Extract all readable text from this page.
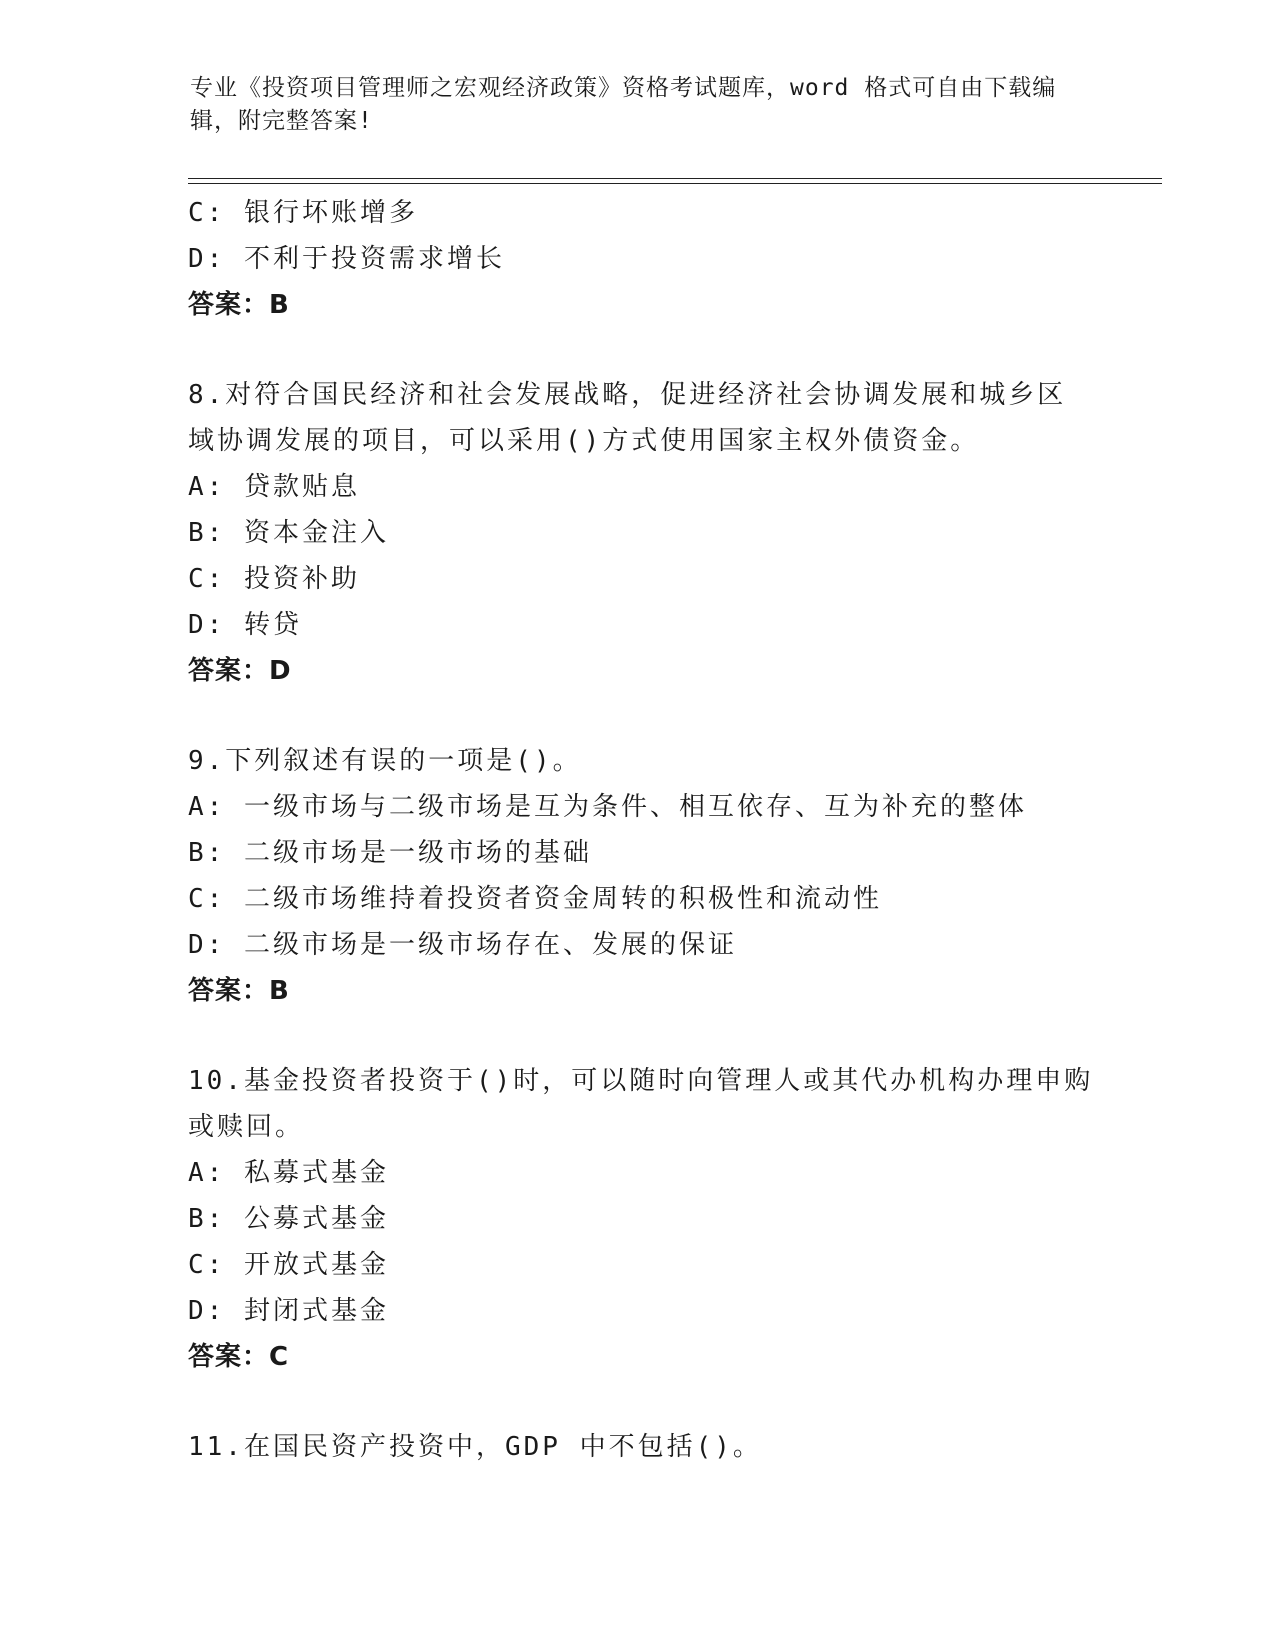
专业《投资项目管理师之宏观经济政策》资格考试题库，word 格式可自由下载编
辑，附完整答案!
C: 银行坏账增多
D: 不利于投资需求增长
答案：B
8.对符合国民经济和社会发展战略，促进经济社会协调发展和城乡区
域协调发展的项目，可以采用()方式使用国家主权外债资金。
A: 贷款贴息
B: 资本金注入
C: 投资补助
D: 转贷
答案：D
9.下列叙述有误的一项是()。
A: 一级市场与二级市场是互为条件、相互依存、互为补充的整体
B: 二级市场是一级市场的基础
C: 二级市场维持着投资者资金周转的积极性和流动性
D: 二级市场是一级市场存在、发展的保证
答案：B
10.基金投资者投资于()时，可以随时向管理人或其代办机构办理申购
或赎回。
A: 私募式基金
B: 公募式基金
C: 开放式基金
D: 封闭式基金
答案：C
11.在国民资产投资中，GDP 中不包括()。
